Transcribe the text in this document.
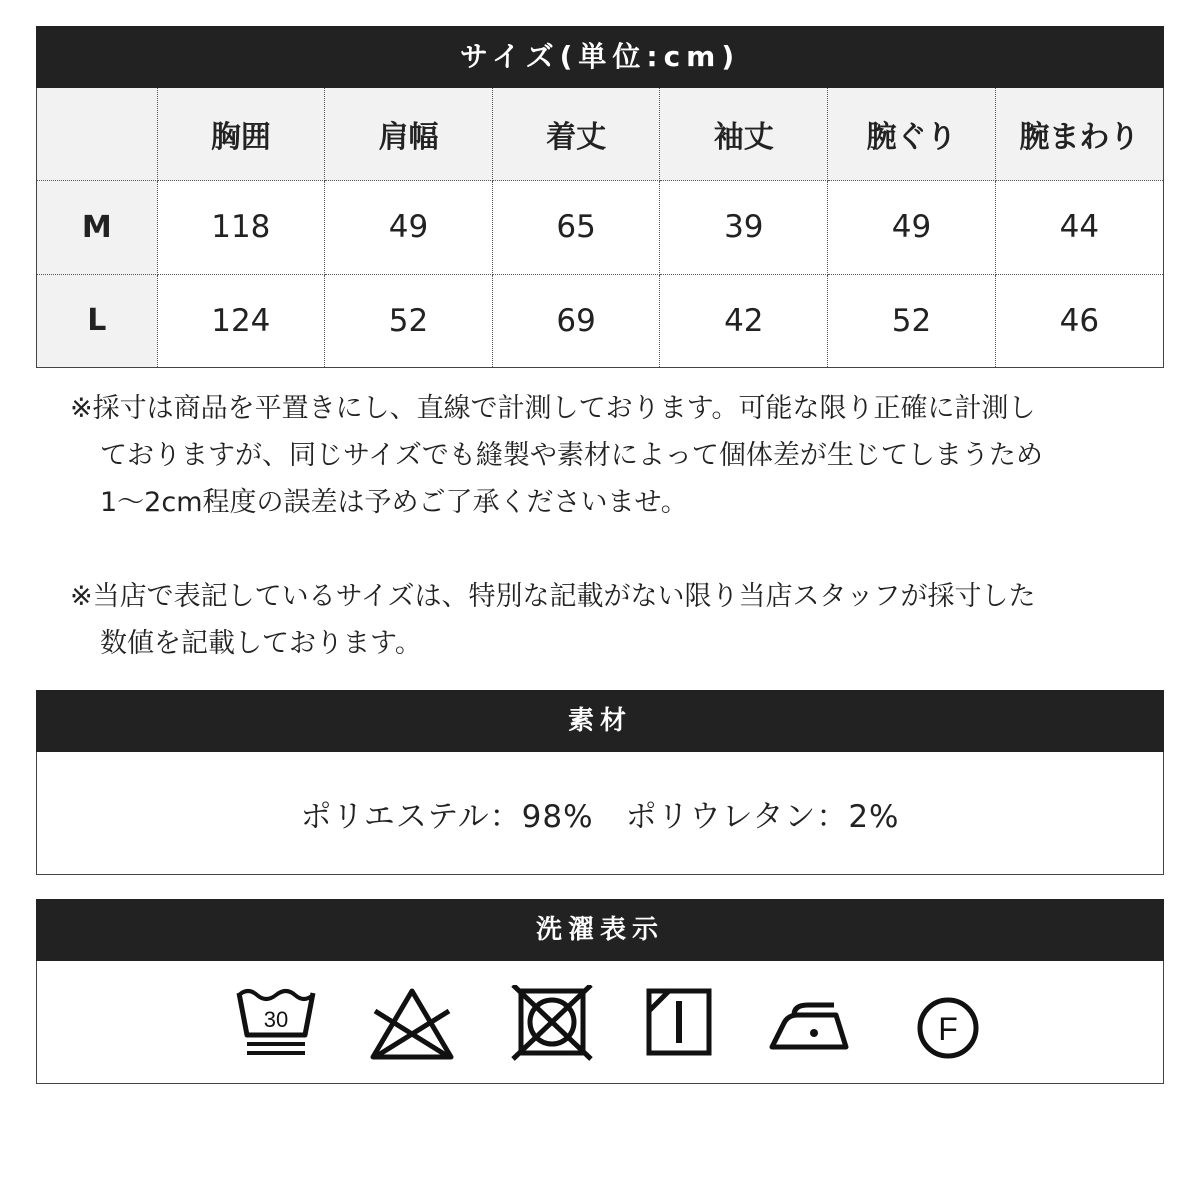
サイズ(単位:cm)
	胸囲	肩幅	着丈	袖丈	腕ぐり	腕まわり
M	118	49	65	39	49	44
L	124	52	69	42	52	46
※採寸は商品を平置きにし、直線で計測しております。可能な限り正確に計測し
ておりますが、同じサイズでも縫製や素材によって個体差が生じてしまうため
1～2cm程度の誤差は予めご了承くださいませ。
※当店で表記しているサイズは、特別な記載がない限り当店スタッフが採寸した
数値を記載しております。
素材
ポリエステル：98% ポリウレタン：2%
洗濯表示
30	F
